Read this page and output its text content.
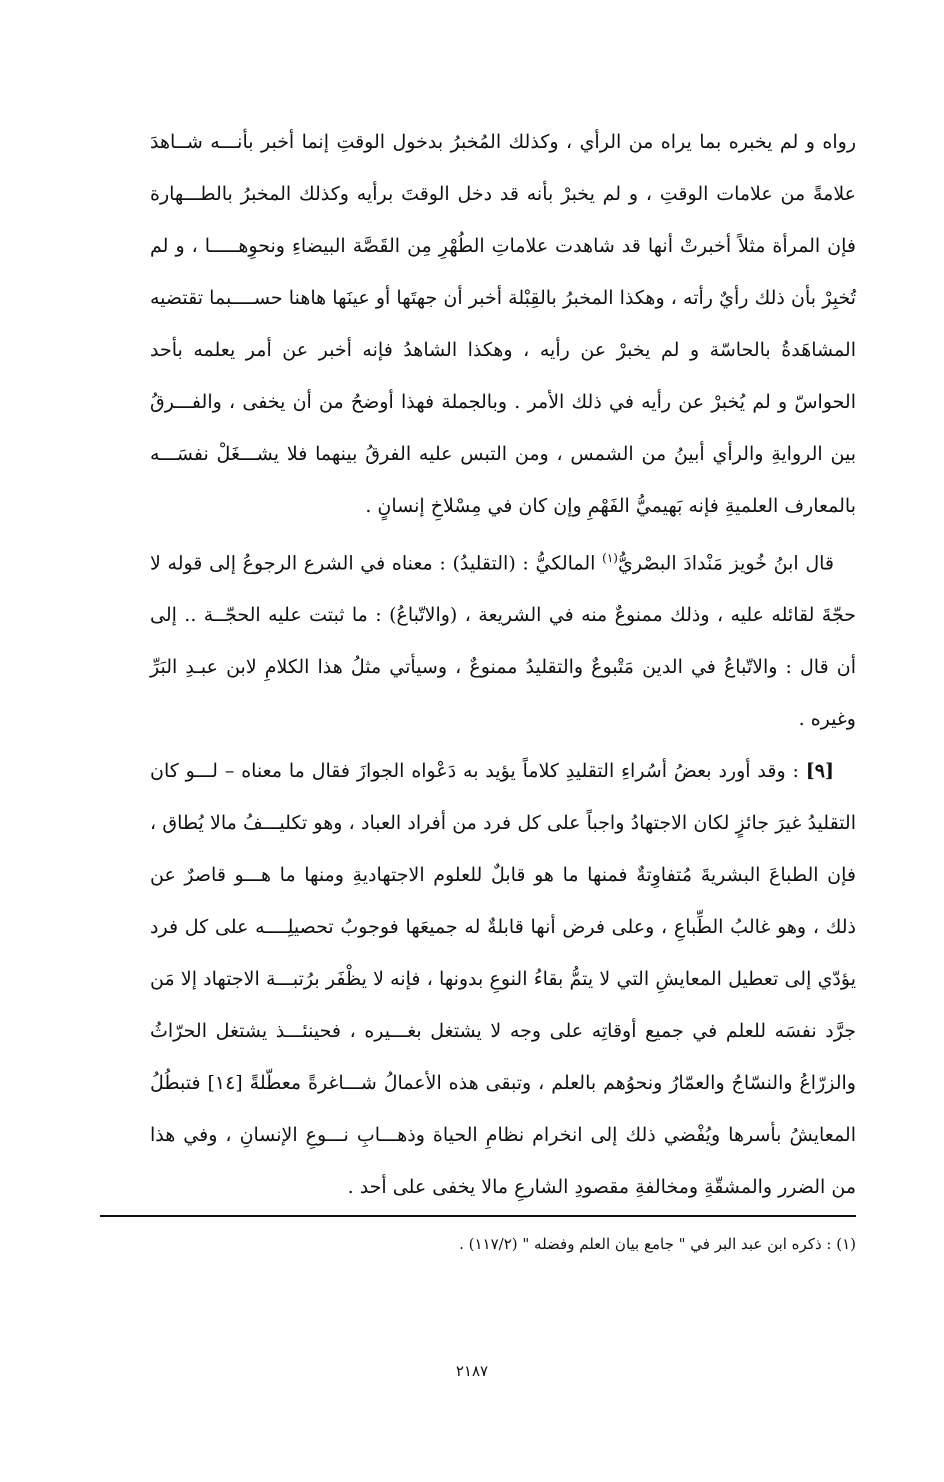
رواه و لم يخبره بما يراه من الرأي ، وكذلك المُخبرُ بدخول الوقتِ إنما أخبر بأنـــه شــاهدَ علامةً من علامات الوقتِ ، و لم يخبرْ بأنه قد دخل الوقتَ برأيه وكذلك المخبرُ بالطـــهارة فإن المرأة مثلاً أخبرتْ أنها قد شاهدت علاماتِ الطُهْرِ مِن القَصَّة البيضاءِ ونحوِهـــــا ، و لم تُخبِرْ بأن ذلك رأيٌ رأته ، وهكذا المخبرُ بالقِبْلة أخبر أن جهتَها أو عينَها هاهنا حســــبما تقتضيه المشاهَدةُ بالحاسّة و لم يخبرْ عن رأيه ، وهكذا الشاهدُ فإنه أخبر عن أمر يعلمه بأحد الحواسّ و لم يُخبرْ عن رأيه في ذلك الأمر . وبالجملة فهذا أوضحُ من أن يخفى ، والفـــرقُ بين الروايةِ والرأي أبينُ من الشمس ، ومن التبس عليه الفرقُ بينهما فلا يشـــغَلْ نفسَـــه بالمعارف العلميةِ فإنه بَهيميُّ الفَهْمِ وإن كان في مِسْلاخِ إنسانٍ .

قال ابنُ خُويز مَنْدادَ البصْريُّ$^{(١)}$ المالكيُّ : (التقليدُ) : معناه في الشرع الرجوعُ إلى قوله لا حجّةَ لقائله عليه ، وذلك ممنوعٌ منه في الشريعة ، (والاتّباعُ) : ما ثبتت عليه الحجّــة .. إلى أن قال : والاتّباعُ في الدين مَتْبوعٌ والتقليدُ ممنوعٌ ، وسيأتي مثلُ هذا الكلامِ لابن عبـدِ البَرِّ وغيره .

[٩] : وقد أورد بعضُ أسُراءِ التقليدِ كلاماً يؤيد به دَعْواه الجوازَ فقال ما معناه – لـــو كان التقليدُ غيرَ جائزٍ لكان الاجتهادُ واجباً على كل فرد من أفراد العباد ، وهو تكليـــفُ مالا يُطاق ، فإن الطباعَ البشريةَ مُتفاوِتةٌ فمنها ما هو قابلٌ للعلوم الاجتهاديةِ ومنها ما هـــو قاصرٌ عن ذلك ، وهو غالبُ الطِّباعِ ، وعلى فرض أنها قابلةٌ له جميعَها فوجوبُ تحصيلِــــه على كل فرد يؤدّي إلى تعطيل المعايشِ التي لا يتمُّ بقاءُ النوعِ بدونها ، فإنه لا يظْفَر برُتبـــة الاجتهاد إلا مَن جرَّد نفسَه للعلم في جميع أوقاتِه على وجه لا يشتغل بغـــيره ، فحينئـــذ يشتغل الحرّاثُ والزرّاعُ والنسّاجُ والعمّارُ ونحوُهم بالعلم ، وتبقى هذه الأعمالُ شـــاغرةً معطّلةً [١٤] فتبطُلُ المعايشُ بأسرها ويُفْضي ذلك إلى انخرام نظامِ الحياة وذهـــابِ نـــوعِ الإنسانِ ، وفي هذا من الضرر والمشقّةِ ومخالفةِ مقصودِ الشارعِ مالا يخفى على أحد .

(١) : ذكره ابن عبد البر في " جامع بيان العلم وفضله " (١١٧/٢) .
٢١٨٧
